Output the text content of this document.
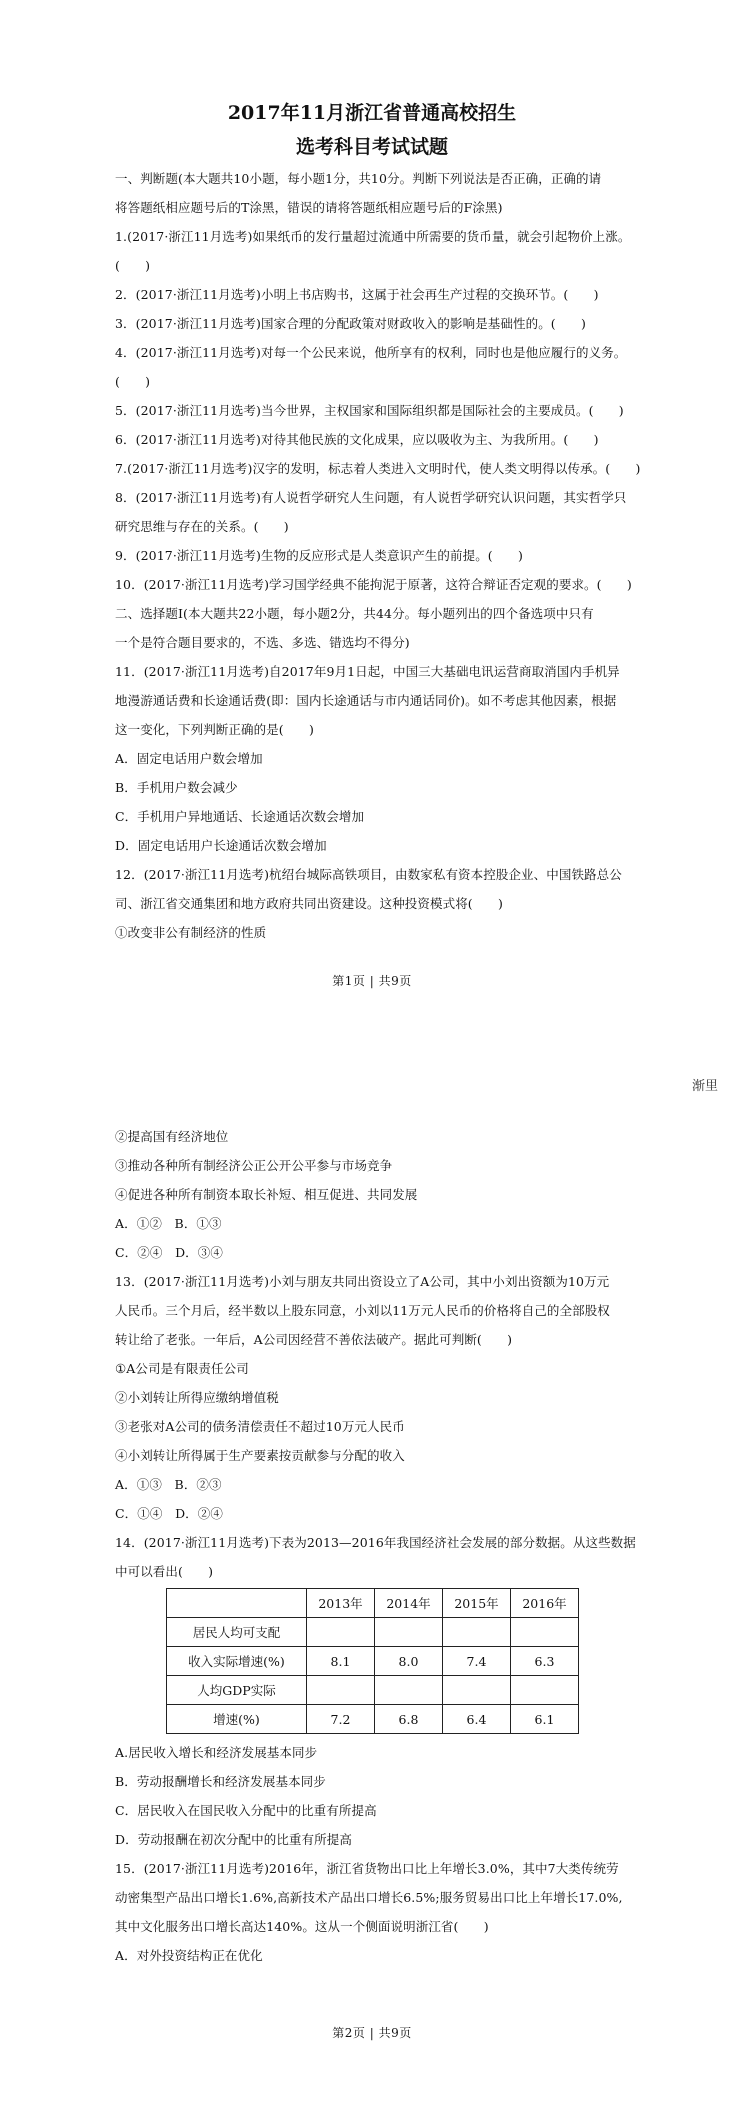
2017年11月浙江省普通高校招生
选考科目考试试题
一、判断题(本大题共10小题，每小题1分，共10分。判断下列说法是否正确，正确的请
将答题纸相应题号后的T涂黑，错误的请将答题纸相应题号后的F涂黑)
1.(2017·浙江11月选考)如果纸币的发行量超过流通中所需要的货币量，就会引起物价上涨。
(　　)
2．(2017·浙江11月选考)小明上书店购书，这属于社会再生产过程的交换环节。(　　)
3．(2017·浙江11月选考)国家合理的分配政策对财政收入的影响是基础性的。(　　)
4．(2017·浙江11月选考)对每一个公民来说，他所享有的权利，同时也是他应履行的义务。
(　　)
5．(2017·浙江11月选考)当今世界，主权国家和国际组织都是国际社会的主要成员。(　　)
6．(2017·浙江11月选考)对待其他民族的文化成果，应以吸收为主、为我所用。(　　)
7.(2017·浙江11月选考)汉字的发明，标志着人类进入文明时代，使人类文明得以传承。(　　)
8．(2017·浙江11月选考)有人说哲学研究人生问题，有人说哲学研究认识问题，其实哲学只
研究思维与存在的关系。(　　)
9．(2017·浙江11月选考)生物的反应形式是人类意识产生的前提。(　　)
10．(2017·浙江11月选考)学习国学经典不能拘泥于原著，这符合辩证否定观的要求。(　　)
二、选择题Ⅰ(本大题共22小题，每小题2分，共44分。每小题列出的四个备选项中只有
一个是符合题目要求的，不选、多选、错选均不得分)
11．(2017·浙江11月选考)自2017年9月1日起，中国三大基础电讯运营商取消国内手机异
地漫游通话费和长途通话费(即：国内长途通话与市内通话同价)。如不考虑其他因素，根据
这一变化，下列判断正确的是(　　)
A．固定电话用户数会增加
B．手机用户数会减少
C．手机用户异地通话、长途通话次数会增加
D．固定电话用户长途通话次数会增加
12．(2017·浙江11月选考)杭绍台城际高铁项目，由数家私有资本控股企业、中国铁路总公
司、浙江省交通集团和地方政府共同出资建设。这种投资模式将(　　)
①改变非公有制经济的性质
第1页 | 共9页
②提高国有经济地位
③推动各种所有制经济公正公开公平参与市场竞争
④促进各种所有制资本取长补短、相互促进、共同发展
A．①②　B．①③
C．②④　D．③④
13．(2017·浙江11月选考)小刘与朋友共同出资设立了A公司，其中小刘出资额为10万元
人民币。三个月后，经半数以上股东同意，小刘以11万元人民币的价格将自己的全部股权
转让给了老张。一年后，A公司因经营不善依法破产。据此可判断(　　)
①A公司是有限责任公司
②小刘转让所得应缴纳增值税
③老张对A公司的债务清偿责任不超过10万元人民币
④小刘转让所得属于生产要素按贡献参与分配的收入
A．①③　B．②③
C．①④　D．②④
14．(2017·浙江11月选考)下表为2013—2016年我国经济社会发展的部分数据。从这些数据
中可以看出(　　)
	2013年	2014年	2015年	2016年
居民人均可支配				
收入实际增速(%)	8.1	8.0	7.4	6.3
人均GDP实际				
增速(%)	7.2	6.8	6.4	6.1
A.居民收入增长和经济发展基本同步
B．劳动报酬增长和经济发展基本同步
C．居民收入在国民收入分配中的比重有所提高
D．劳动报酬在初次分配中的比重有所提高
15．(2017·浙江11月选考)2016年，浙江省货物出口比上年增长3.0%，其中7大类传统劳
动密集型产品出口增长1.6%,高新技术产品出口增长6.5%;服务贸易出口比上年增长17.0%,
其中文化服务出口增长高达140%。这从一个侧面说明浙江省(　　)
A．对外投资结构正在优化
第2页 | 共9页
渐里
